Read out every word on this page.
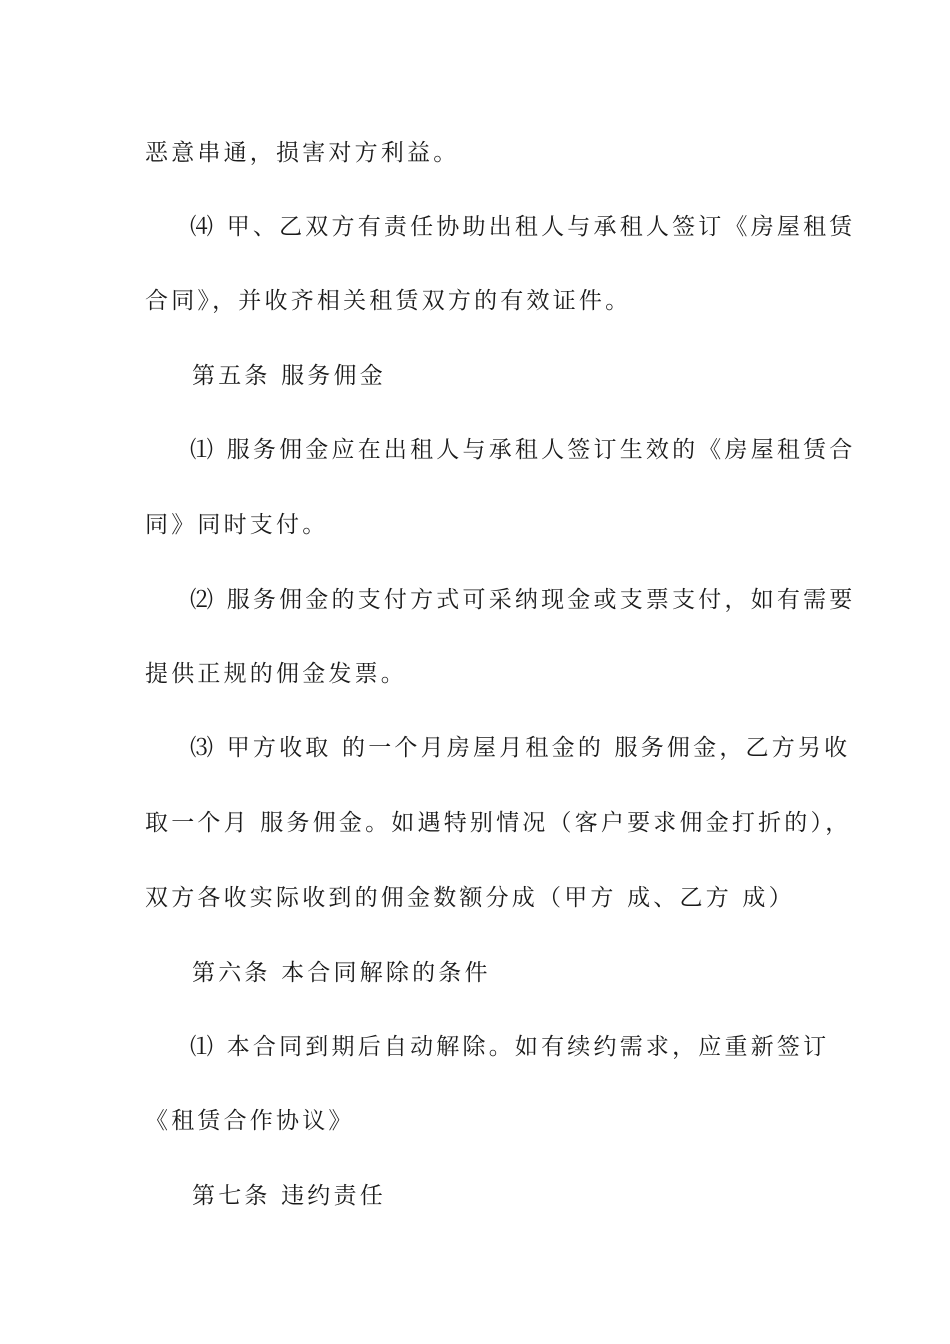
恶意串通，损害对方利益。
⑷ 甲、乙双方有责任协助出租人与承租人签订《房屋租赁
合同》，并收齐相关租赁双方的有效证件。
第五条 服务佣金
⑴ 服务佣金应在出租人与承租人签订生效的《房屋租赁合
同》同时支付。
⑵ 服务佣金的支付方式可采纳现金或支票支付，如有需要
提供正规的佣金发票。
⑶ 甲方收取 的一个月房屋月租金的 服务佣金，乙方另收
取一个月 服务佣金。如遇特别情况（客户要求佣金打折的），
双方各收实际收到的佣金数额分成（甲方 成、乙方 成）
第六条 本合同解除的条件
⑴ 本合同到期后自动解除。如有续约需求，应重新签订
《租赁合作协议》
第七条 违约责任
